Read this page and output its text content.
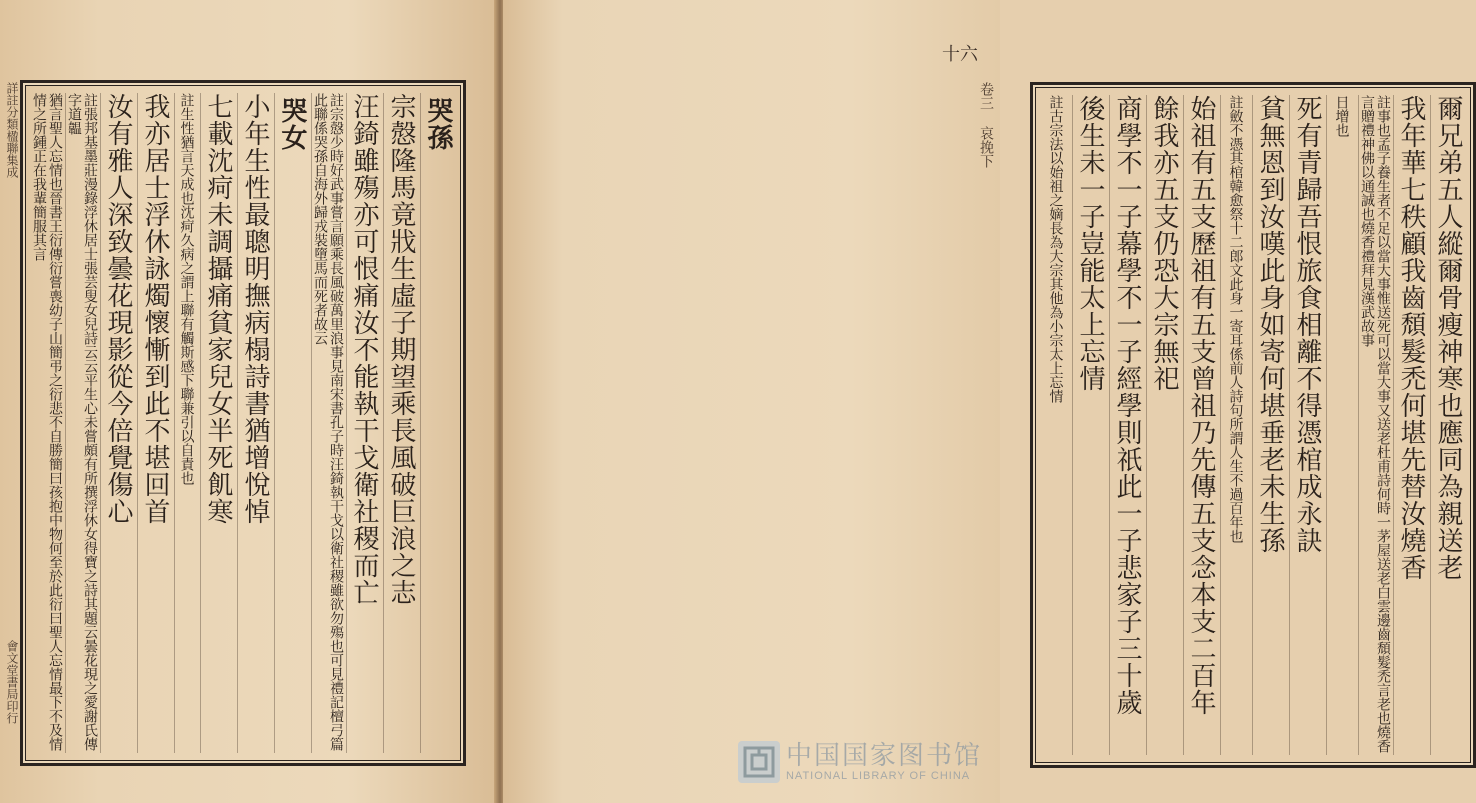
詳註分類楹聯集成
會文堂書局印行
哭孫
宗慤隆馬竟戕生虛子期望乘長風破巨浪之志
汪錡雖殤亦可恨痛汝不能執干戈衛社稷而亡
註宗慤少時好武事嘗言願乘長風破萬里浪事見南宋書孔子時汪錡執干戈以衛社稷雖欲勿殤也可見禮記檀弓篇此聯係哭孫自海外歸戎裝墮馬而死者故云
哭女
小年生性最聰明撫病榻詩書猶增悅悼
七載沈疴未調攝痛貧家兒女半死飢寒
註生性猶言天成也沈疴久病之謂上聯有觸斯感下聯兼引以自責也
我亦居士浮休詠燭懷慚到此不堪回首
汝有雅人深致曇花現影從今倍覺傷心
註張邦基墨莊漫錄浮休居士張芸叟女兒詩云云平生心未嘗頗有所撰浮休女得寶之詩其題云曇花現之愛謝氏傳字道韞
猶言聖人忘情也晉書王衍傳衍嘗喪幼子山簡弔之衍悲不自勝簡曰孩抱中物何至於此衍曰聖人忘情最下不及情情之所鍾正在我輩簡服其言	卷三 哀挽下
十六
爾兄弟五人縱爾骨瘦神寒也應同為親送老
我年華七秩顧我齒頹髮禿何堪先替汝燒香
註事也孟子養生者不足以當大事惟送死可以當大事又送老杜甫詩何時一茅屋送老白雲邊齒頹髮禿言老也燒香言贈禮神佛以通誠也燒香禮拜見漢武故事
日增也
死有青歸吾恨旅食相離不得憑棺成永訣
貧無恩到汝嘆此身如寄何堪垂老未生孫
註斂不憑其棺韓愈祭十二郎文此身一寄耳係前人詩句所謂人生不過百年也
始祖有五支歷祖有五支曾祖乃先傳五支念本支二百年
餘我亦五支仍恐大宗無祀
商學不一子幕學不一子經學則祇此一子悲家子三十歲
後生未一子豈能太上忘情
註古宗法以始祖之嫡長為大宗其他為小宗太上忘情
中国国家图书馆
NATIONAL LIBRARY OF CHINA
